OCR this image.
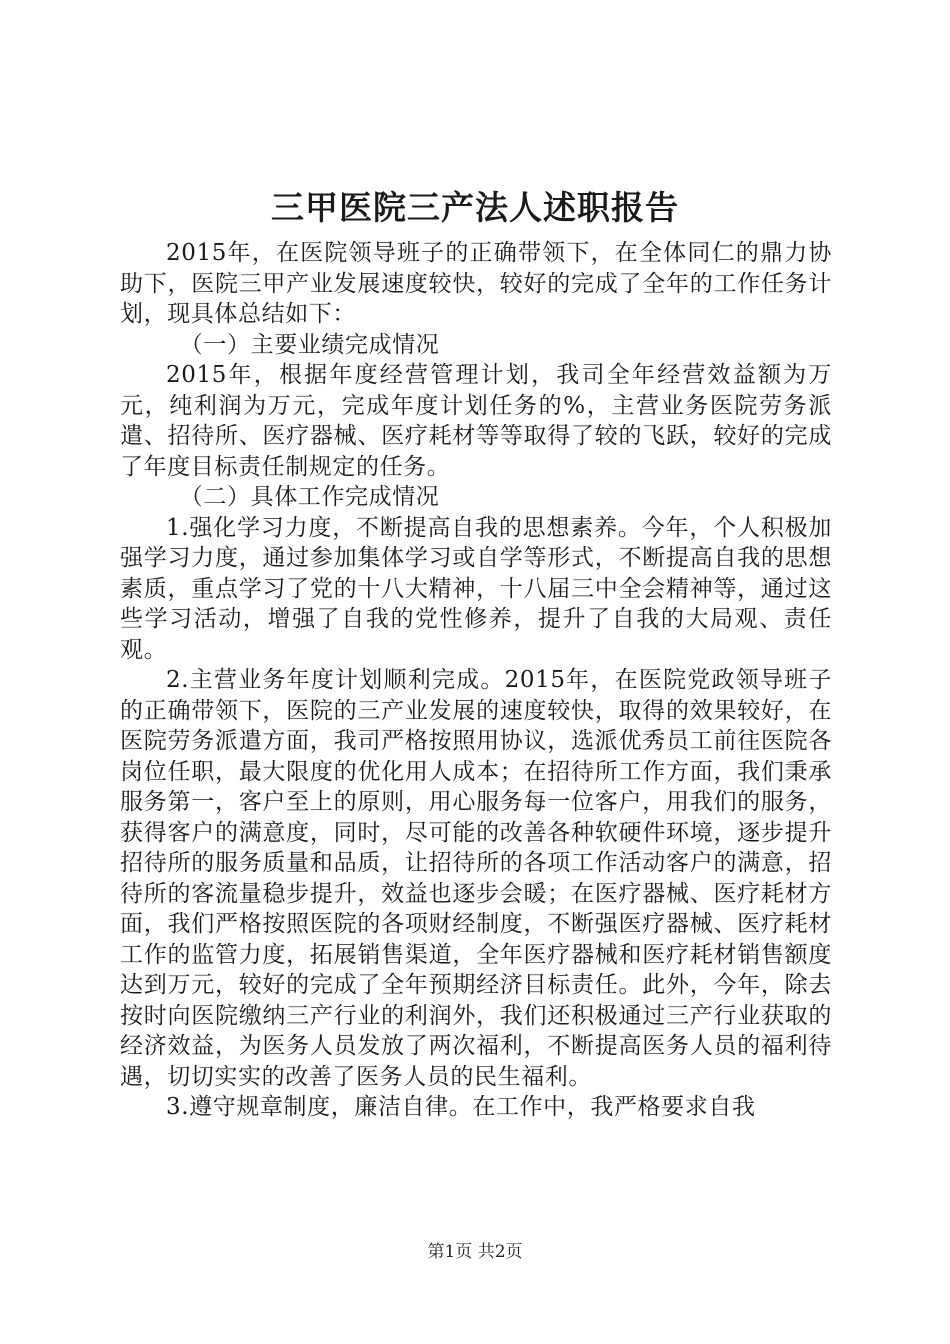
三甲医院三产法人述职报告

2015年，在医院领导班子的正确带领下，在全体同仁的鼎力协助下，医院三甲产业发展速度较快，较好的完成了全年的工作任务计划，现具体总结如下：

（一）主要业绩完成情况

2015年，根据年度经营管理计划，我司全年经营效益额为万元，纯利润为万元，完成年度计划任务的%，主营业务医院劳务派遣、招待所、医疗器械、医疗耗材等等取得了较的飞跃，较好的完成了年度目标责任制规定的任务。

（二）具体工作完成情况

1.强化学习力度，不断提高自我的思想素养。今年，个人积极加强学习力度，通过参加集体学习或自学等形式，不断提高自我的思想素质，重点学习了党的十八大精神，十八届三中全会精神等，通过这些学习活动，增强了自我的党性修养，提升了自我的大局观、责任观。

2.主营业务年度计划顺利完成。2015年，在医院党政领导班子的正确带领下，医院的三产业发展的速度较快，取得的效果较好，在医院劳务派遣方面，我司严格按照用协议，选派优秀员工前往医院各岗位任职，最大限度的优化用人成本；在招待所工作方面，我们秉承服务第一，客户至上的原则，用心服务每一位客户，用我们的服务，获得客户的满意度，同时，尽可能的改善各种软硬件环境，逐步提升招待所的服务质量和品质，让招待所的各项工作活动客户的满意，招待所的客流量稳步提升，效益也逐步会暖；在医疗器械、医疗耗材方面，我们严格按照医院的各项财经制度，不断强医疗器械、医疗耗材工作的监管力度，拓展销售渠道，全年医疗器械和医疗耗材销售额度达到万元，较好的完成了全年预期经济目标责任。此外，今年，除去按时向医院缴纳三产行业的利润外，我们还积极通过三产行业获取的经济效益，为医务人员发放了两次福利，不断提高医务人员的福利待遇，切切实实的改善了医务人员的民生福利。

3.遵守规章制度，廉洁自律。在工作中，我严格要求自我

第1页 共2页
